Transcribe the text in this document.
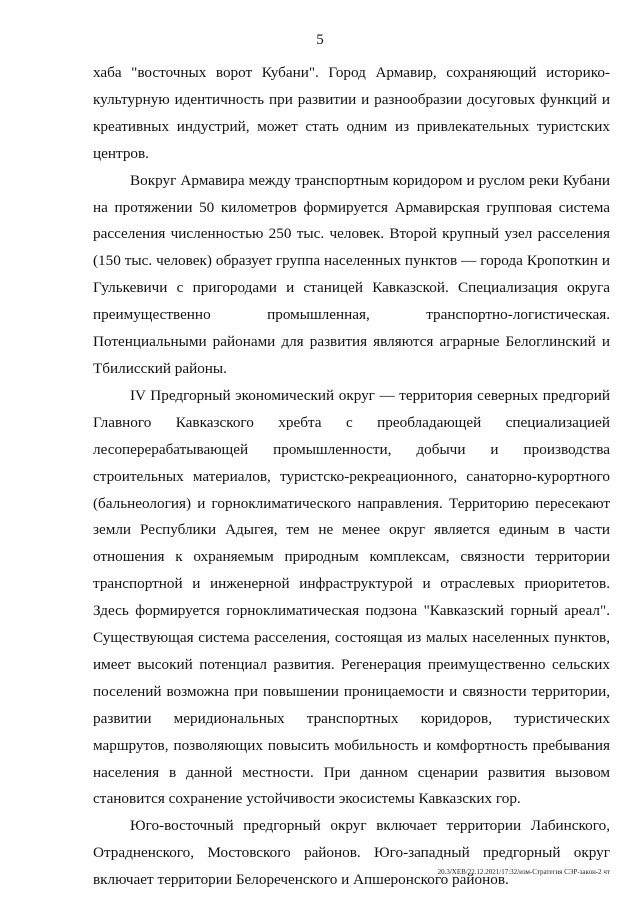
5

хаба "восточных ворот Кубани". Город Армавир, сохраняющий историко-культурную идентичность при развитии и разнообразии досуговых функций и креативных индустрий, может стать одним из привлекательных туристских центров.

Вокруг Армавира между транспортным коридором и руслом реки Кубани на протяжении 50 километров формируется Армавирская групповая система расселения численностью 250 тыс. человек. Второй крупный узел расселения (150 тыс. человек) образует группа населенных пунктов — города Кропоткин и Гулькевичи с пригородами и станицей Кавказской. Специализация округа преимущественно промышленная, транспортно-логистическая. Потенциальными районами для развития являются аграрные Белоглинский и Тбилисский районы.

IV Предгорный экономический округ — территория северных предгорий Главного Кавказского хребта с преобладающей специализацией лесоперерабатывающей промышленности, добычи и производства строительных материалов, туристско-рекреационного, санаторно-курортного (бальнеология) и горноклиматического направления. Территорию пересекают земли Республики Адыгея, тем не менее округ является единым в части отношения к охраняемым природным комплексам, связности территории транспортной и инженерной инфраструктурой и отраслевых приоритетов. Здесь формируется горноклиматическая подзона "Кавказский горный ареал". Существующая система расселения, состоящая из малых населенных пунктов, имеет высокий потенциал развития. Регенерация преимущественно сельских поселений возможна при повышении проницаемости и связности территории, развитии меридиональных транспортных коридоров, туристических маршрутов, позволяющих повысить мобильность и комфортность пребывания населения в данной местности. При данном сценарии развития вызовом становится сохранение устойчивости экосистемы Кавказских гор.

Юго-восточный предгорный округ включает территории Лабинского, Отрадненского, Мостовского районов. Юго-западный предгорный округ включает территории Белореченского и Апшеронского районов.

20.3/ХЕВ/22.12.2021/17:32/изм-Стратегия СЭР-закон-2 чт
